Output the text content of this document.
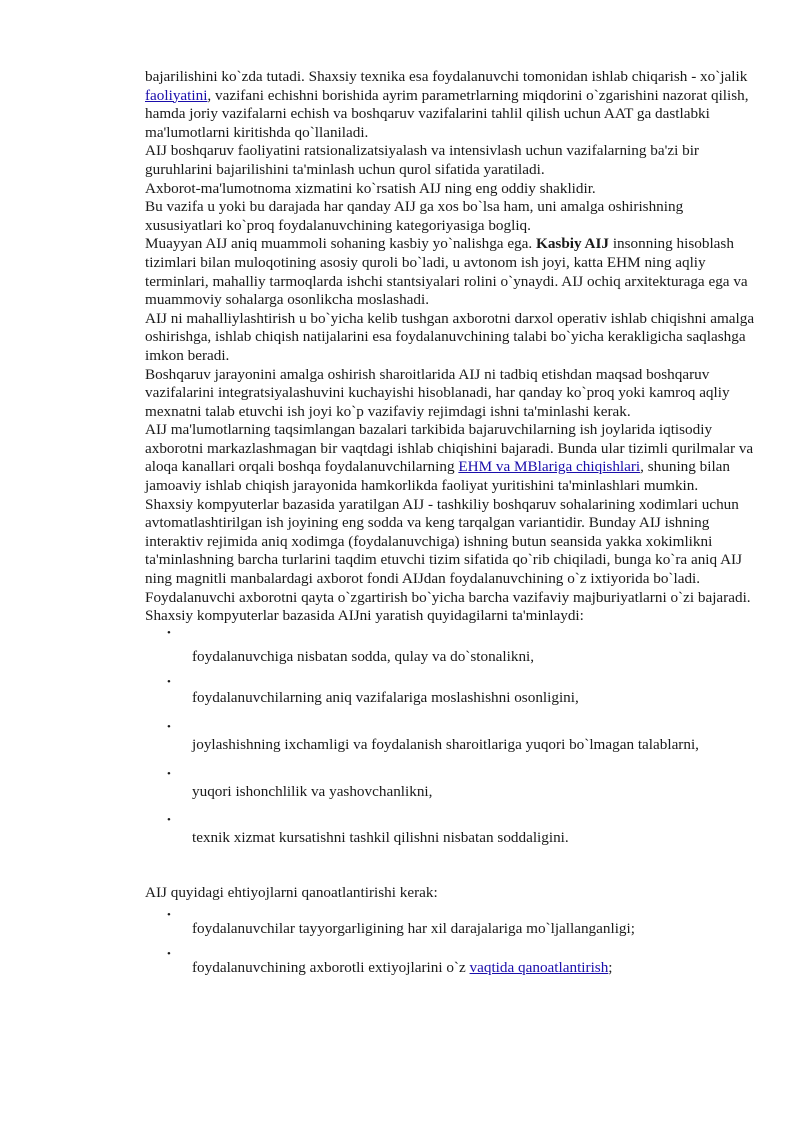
bajarilishini ko`zda tutadi. Shaxsiy texnika esa foydalanuvchi tomonidan ishlab chiqarish - xo`jalik faoliyatini, vazifani echishni borishida ayrim parametrlarning miqdorini o`zgarishini nazorat qilish, hamda joriy vazifalarni echish va boshqaruv vazifalarini tahlil qilish uchun AAT ga dastlabki ma'lumotlarni kiritishda qo`llaniladi.

AIJ boshqaruv faoliyatini ratsionalizatsiyalash va intensivlash uchun vazifalarning ba'zi bir guruhlarini bajarilishini ta'minlash uchun qurol sifatida yaratiladi.

Axborot-ma'lumotnoma xizmatini ko`rsatish AIJ ning eng oddiy shaklidir.

Bu vazifa u yoki bu darajada har qanday AIJ ga xos bo`lsa ham, uni amalga oshirishning xususiyatlari ko`proq foydalanuvchining kategoriyasiga bogliq.

Muayyan AIJ aniq muammoli sohaning kasbiy yo`nalishga ega. Kasbiy AIJ insonning hisoblash tizimlari bilan muloqotining asosiy quroli bo`ladi, u avtonom ish joyi, katta EHM ning aqliy terminlari, mahalliy tarmoqlarda ishchi stantsiyalari rolini o`ynaydi. AIJ ochiq arxitekturaga ega va muammoviy sohalarga osonlikcha moslashadi.

AIJ ni mahalliylashtirish u bo`yicha kelib tushgan axborotni darxol operativ ishlab chiqishni amalga oshirishga, ishlab chiqish natijalarini esa foydalanuvchining talabi bo`yicha kerakligicha saqlashga imkon beradi.

Boshqaruv jarayonini amalga oshirish sharoitlarida AIJ ni tadbiq etishdan maqsad boshqaruv vazifalarini integratsiyalashuvini kuchayishi hisoblanadi, har qanday ko`proq yoki kamroq aqliy mexnatni talab etuvchi ish joyi ko`p vazifaviy rejimdagi ishni ta'minlashi kerak.

AIJ ma'lumotlarning taqsimlangan bazalari tarkibida bajaruvchilarning ish joylarida iqtisodiy axborotni markazlashmagan bir vaqtdagi ishlab chiqishini bajaradi. Bunda ular tizimli qurilmalar va aloqa kanallari orqali boshqa foydalanuvchilarning EHM va MBlariga chiqishlari, shuning bilan jamoaviy ishlab chiqish jarayonida hamkorlikda faoliyat yuritishini ta'minlashlari mumkin.

Shaxsiy kompyuterlar bazasida yaratilgan AIJ - tashkiliy boshqaruv sohalarining xodimlari uchun avtomatlashtirilgan ish joyining eng sodda va keng tarqalgan variantidir. Bunday AIJ ishning interaktiv rejimida aniq xodimga (foydalanuvchiga) ishning butun seansida yakka xokimlikni ta'minlashning barcha turlarini taqdim etuvchi tizim sifatida qo`rib chiqiladi, bunga ko`ra aniq AIJ ning magnitli manbalardagi axborot fondi AIJdan foydalanuvchining o`z ixtiyorida bo`ladi. Foydalanuvchi axborotni qayta o`zgartirish bo`yicha barcha vazifaviy majburiyatlarni o`zi bajaradi.

Shaxsiy kompyuterlar bazasida AIJni yaratish quyidagilarni ta'minlaydi:

•
foydalanuvchiga nisbatan sodda, qulay va do`stonalikni,
•
foydalanuvchilarning aniq vazifalariga moslashishni osonligini,
•
joylashishning ixchamligi va foydalanish sharoitlariga yuqori bo`lmagan talablarni,
•
yuqori ishonchlilik va yashovchanlikni,
•
texnik xizmat kursatishni tashkil qilishni nisbatan soddaligini.

AIJ quyidagi ehtiyojlarni qanoatlantirishi kerak:

•
foydalanuvchilar tayyorgarligining har xil darajalariga mo`ljallanganligi;
•
foydalanuvchining axborotli extiyojlarini o`z vaqtida qanoatlantirish;
